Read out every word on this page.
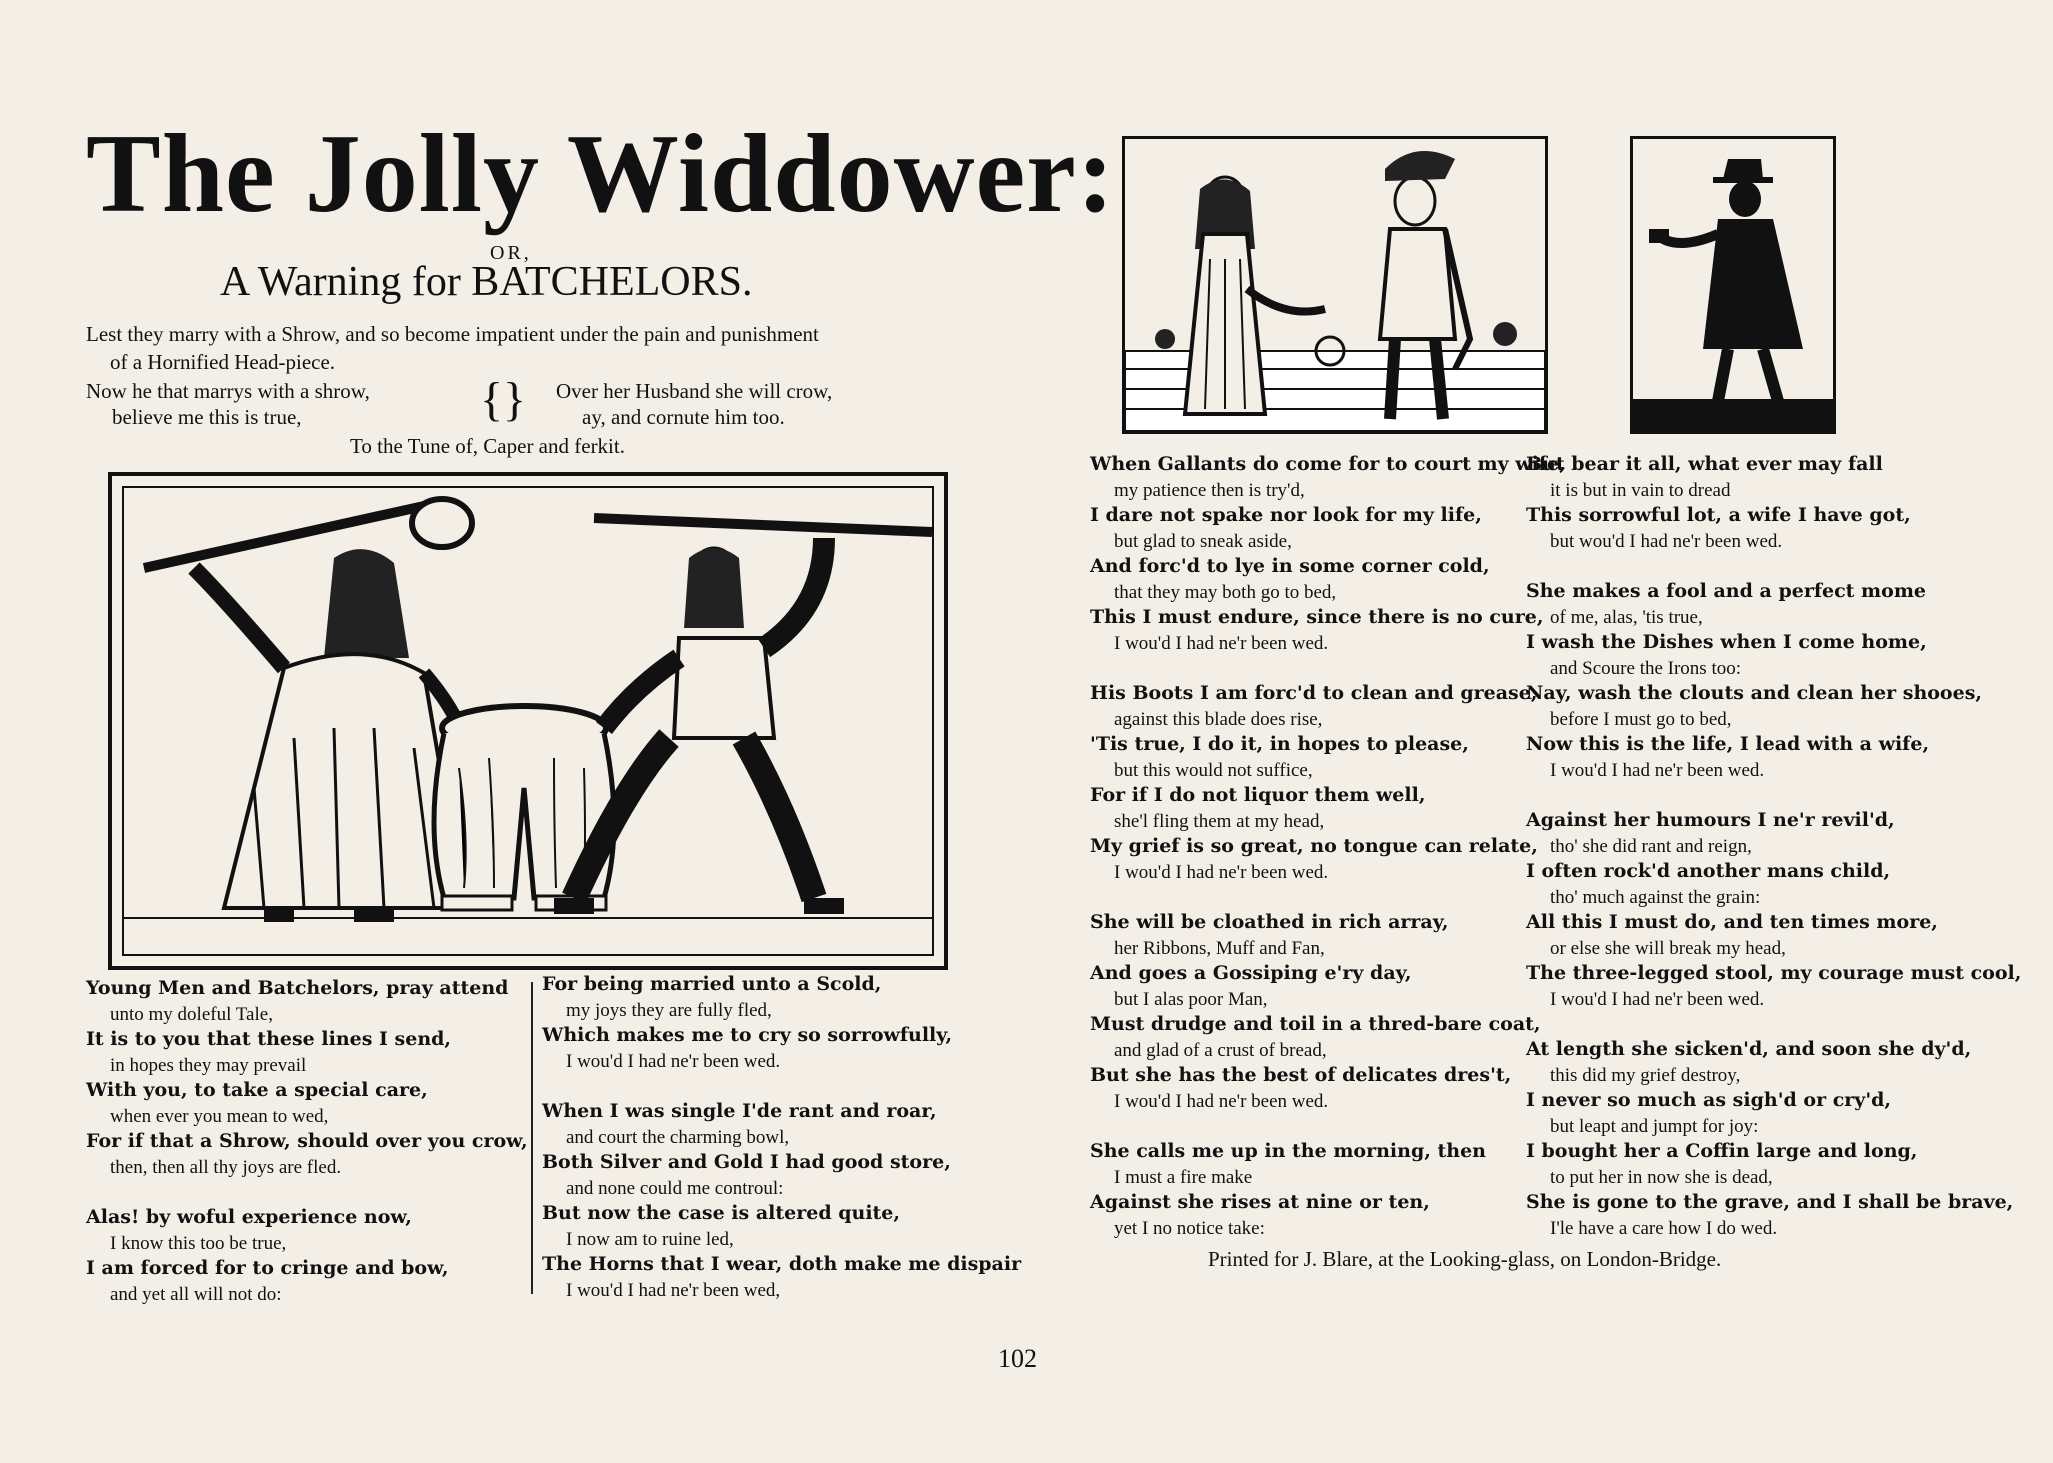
The Jolly Widdower:
OR,
A Warning for BATCHELORS.
Lest they marry with a Shrow, and so become impatient under the pain and punishment
of a Hornified Head-piece.
Now he that marrys with a shrow,
believe me this is true,	{} Over her Husband she will crow,
ay, and cornute him too.
To the Tune of, Caper and ferkit.
Young Men and Batchelors, pray attend
unto my doleful Tale,
It is to you that these lines I send,
in hopes they may prevail
With you, to take a special care,
when ever you mean to wed,
For if that a Shrow, should over you crow,
then, then all thy joys are fled.
Alas! by woful experience now,
I know this too be true,
I am forced for to cringe and bow,
and yet all will not do:
For being married unto a Scold,
my joys they are fully fled,
Which makes me to cry so sorrowfully,
I wou'd I had ne'r been wed.
When I was single I'de rant and roar,
and court the charming bowl,
Both Silver and Gold I had good store,
and none could me controul:
But now the case is altered quite,
I now am to ruine led,
The Horns that I wear, doth make me dispair
I wou'd I had ne'r been wed,
When Gallants do come for to court my wife,
my patience then is try'd,
I dare not spake nor look for my life,
but glad to sneak aside,
And forc'd to lye in some corner cold,
that they may both go to bed,
This I must endure, since there is no cure,
I wou'd I had ne'r been wed.
His Boots I am forc'd to clean and grease,
against this blade does rise,
'Tis true, I do it, in hopes to please,
but this would not suffice,
For if I do not liquor them well,
she'l fling them at my head,
My grief is so great, no tongue can relate,
I wou'd I had ne'r been wed.
She will be cloathed in rich array,
her Ribbons, Muff and Fan,
And goes a Gossiping e'ry day,
but I alas poor Man,
Must drudge and toil in a thred-bare coat,
and glad of a crust of bread,
But she has the best of delicates dres't,
I wou'd I had ne'r been wed.
She calls me up in the morning, then
I must a fire make
Against she rises at nine or ten,
yet I no notice take:
But bear it all, what ever may fall
it is but in vain to dread
This sorrowful lot, a wife I have got,
but wou'd I had ne'r been wed.
She makes a fool and a perfect mome
of me, alas, 'tis true,
I wash the Dishes when I come home,
and Scoure the Irons too:
Nay, wash the clouts and clean her shooes,
before I must go to bed,
Now this is the life, I lead with a wife,
I wou'd I had ne'r been wed.
Against her humours I ne'r revil'd,
tho' she did rant and reign,
I often rock'd another mans child,
tho' much against the grain:
All this I must do, and ten times more,
or else she will break my head,
The three-legged stool, my courage must cool,
I wou'd I had ne'r been wed.
At length she sicken'd, and soon she dy'd,
this did my grief destroy,
I never so much as sigh'd or cry'd,
but leapt and jumpt for joy:
I bought her a Coffin large and long,
to put her in now she is dead,
She is gone to the grave, and I shall be brave,
I'le have a care how I do wed.
Printed for J. Blare, at the Looking-glass, on London-Bridge.
102
